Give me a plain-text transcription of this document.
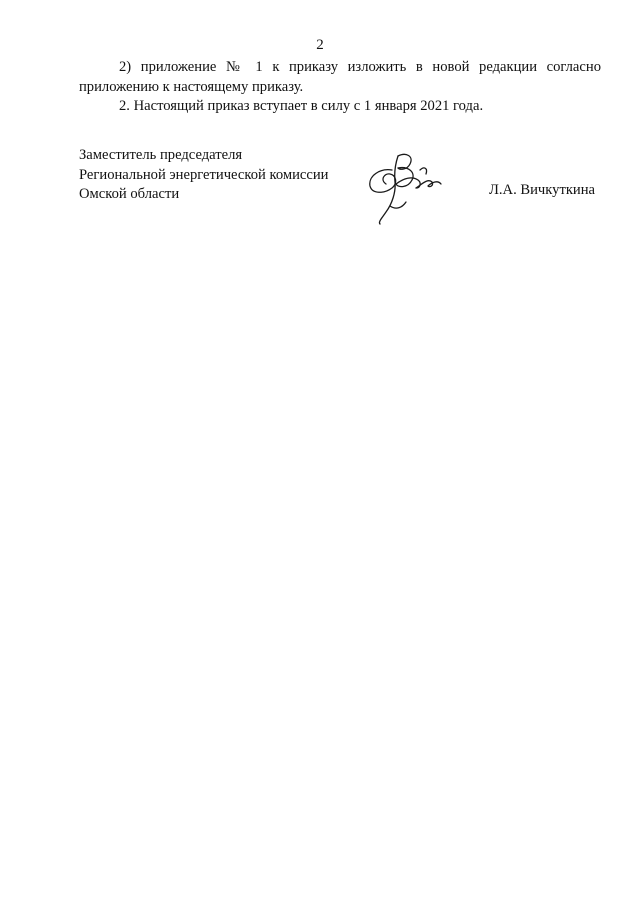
2

2) приложение № 1 к приказу изложить в новой редакции согласно приложению к настоящему приказу.

2. Настоящий приказ вступает в силу с 1 января 2021 года.

Заместитель председателя
Региональной энергетической комиссии
Омской области	Л.А. Вичкуткина
